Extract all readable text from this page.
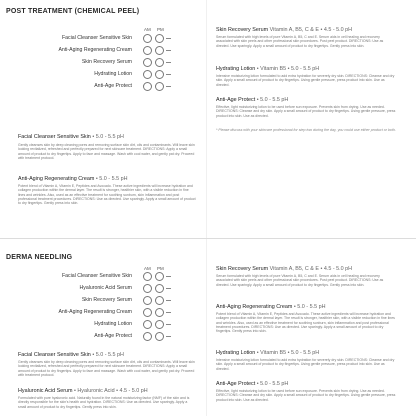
POST TREATMENT (CHEMICAL PEEL)
AM PM
Facial Cleanser Sensitive Skin
Anti-Aging Regenerating Cream
Skin Recovery Serum
Hydrating Lotion
Anti-Age Protect
Facial Cleanser Sensitive Skin • 5.0 - 5.5 pH
Gently cleanses skin by deep cleaning pores and removing surface skin dirt, oils and contaminants. Will leave skin looking revitalized, refreshed and perfectly prepared for next skincare treatment. DIRECTIONS: Apply a small amount of product to dry fingertips. Apply to face and massage. Wash with cool water, and gently pat dry. Proceed with treatment protocol.
Anti-Aging Regenerating Cream • 5.0 - 5.5 pH
Potent blend of Vitamin A, Vitamin E, Peptides and Avocado. These active ingredients will increase hydration and collagen production within the dermal layer. The result is stronger, healthier skin, with a visible reduction in fine lines and wrinkles. Also, used as an effective treatment for soothing sunburn, skin inflammation and post professional treatment procedures. DIRECTIONS: Use as directed. Use sparingly. Apply a small amount of product to dry fingertips. Gently press into skin.
Skin Recovery Serum Vitamin A, B5, C & E • 4.5 - 5.0 pH
Serum formulated with high levels of pure Vitamin A, B5, C and E. Serum aids in cell healing and recovery associated with skin peels and other professional skin procedures. Post peel product. DIRECTIONS: Use as directed. Use sparingly. Apply a small amount of product to dry fingertips. Gently press into skin.
Hydrating Lotion • Vitamin B5 • 5.0 - 5.5 pH
Intensive moisturizing lotion formulated to add extra hydration for severely dry skin. DIRECTIONS: Cleanse and dry skin. Apply a small amount of product to dry fingertips. Using gentle pressure, press product into skin. Use as directed.
Anti-Age Protect • 5.0 - 5.5 pH
Effective, light moisturizing lotion to be used before sun exposure. Prevents skin from drying. Use as needed. DIRECTIONS: Cleanse and dry skin. Apply a small amount of product to dry fingertips. Using gentle pressure, press product into skin. Use as directed.
* Please discuss with your skincare professional for step two during the day, you could use either product or both.
DERMA NEEDLING
AM PM
Facial Cleanser Sensitive Skin
Hyaluronic Acid Serum
Skin Recovery Serum
Anti-Aging Regenerating Cream
Hydrating Lotion
Anti-Age Protect
Facial Cleanser Sensitive Skin • 5.0 - 5.5 pH
Gently cleanses skin by deep cleaning pores and removing surface skin dirt, oils and contaminants. Will leave skin looking revitalized, refreshed and perfectly prepared for next skincare treatment. DIRECTIONS: Apply a small amount of product to dry fingertips. Apply to face and massage. Wash with cool water, and gently pat dry. Proceed with treatment protocol.
Hyaluronic Acid Serum • Hyaluronic Acid • 4.5 - 5.0 pH
Formulated with pure hyaluronic acid. Naturally found in the natural moisturizing factor (NMF) of the skin and is directly responsible for the skin's health and hydration. DIRECTIONS: Use as directed. Use sparingly. Apply a small amount of product to dry fingertips. Gently press into skin.
Skin Recovery Serum Vitamin A, B5, C & E • 4.5 - 5.0 pH
Serum formulated with high levels of pure Vitamin A, B5, C and E. Serum aids in cell healing and recovery associated with skin peels and other professional skin procedures. Post peel product. DIRECTIONS: Use as directed. Use sparingly. Apply a small amount of product to dry fingertips. Gently press into skin.
Anti-Aging Regenerating Cream • 5.0 - 5.5 pH
Potent blend of Vitamin A, Vitamin E, Peptides and Avocado. These active ingredients will increase hydration and collagen production within the dermal layer. The result is stronger, healthier skin, with a visible reduction in fine lines and wrinkles. Also, used as an effective treatment for soothing sunburn, skin inflammation and post professional treatment procedures. DIRECTIONS: Use as directed. Use sparingly. Apply a small amount of product to dry fingertips. Gently press into skin.
Hydrating Lotion • Vitamin B5 • 5.0 - 5.5 pH
Intensive moisturizing lotion formulated to add extra hydration for severely dry skin. DIRECTIONS: Cleanse and dry skin. Apply a small amount of product to dry fingertips. Using gentle pressure, press product into skin. Use as directed.
Anti-Age Protect • 5.0 - 5.5 pH
Effective, light moisturizing lotion to be used before sun exposure. Prevents skin from drying. Use as needed. DIRECTIONS: Cleanse and dry skin. Apply a small amount of product to dry fingertips. Using gentle pressure, press product into skin. Use as directed.
